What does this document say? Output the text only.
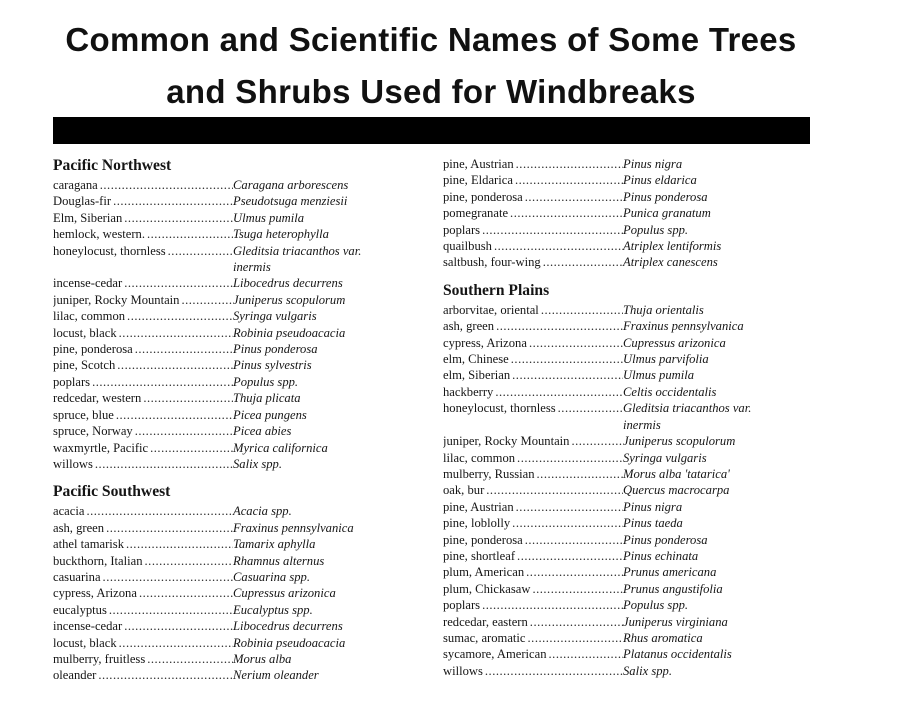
Common and Scientific Names of Some Trees
and Shrubs Used for Windbreaks
Pacific Northwest
caragana .....	Caragana arborescens
Douglas-fir .....	Pseudotsuga menziesii
Elm, Siberian .....	Ulmus pumila
hemlock, western. .....	Tsuga heterophylla
honeylocust, thornless .....	Gleditsia triacanthos var. inermis
incense-cedar .....	Libocedrus decurrens
juniper, Rocky Mountain .....	Juniperus scopulorum
lilac, common .....	Syringa vulgaris
locust, black .....	Robinia pseudoacacia
pine, ponderosa .....	Pinus ponderosa
pine, Scotch .....	Pinus sylvestris
poplars .....	Populus spp.
redcedar, western .....	Thuja plicata
spruce, blue .....	Picea pungens
spruce, Norway .....	Picea abies
waxmyrtle, Pacific .....	Myrica californica
willows .....	Salix spp.
Pacific Southwest
acacia .....	Acacia spp.
ash, green .....	Fraxinus pennsylvanica
athel tamarisk .....	Tamarix aphylla
buckthorn, Italian .....	Rhamnus alternus
casuarina .....	Casuarina spp.
cypress, Arizona .....	Cupressus arizonica
eucalyptus .....	Eucalyptus spp.
incense-cedar .....	Libocedrus decurrens
locust, black .....	Robinia pseudoacacia
mulberry, fruitless .....	Morus alba
oleander .....	Nerium oleander
pine, Austrian .....	Pinus nigra
pine, Eldarica .....	Pinus eldarica
pine, ponderosa .....	Pinus ponderosa
pomegranate .....	Punica granatum
poplars .....	Populus spp.
quailbush .....	Atriplex lentiformis
saltbush, four-wing .....	Atriplex canescens
Southern Plains
arborvitae, oriental .....	Thuja orientalis
ash, green .....	Fraxinus pennsylvanica
cypress, Arizona .....	Cupressus arizonica
elm, Chinese .....	Ulmus parvifolia
elm, Siberian .....	Ulmus pumila
hackberry .....	Celtis occidentalis
honeylocust, thornless .....	Gleditsia triacanthos var. inermis
juniper, Rocky Mountain .....	Juniperus scopulorum
lilac, common .....	Syringa vulgaris
mulberry, Russian .....	Morus alba 'tatarica'
oak, bur .....	Quercus macrocarpa
pine, Austrian .....	Pinus nigra
pine, loblolly .....	Pinus taeda
pine, ponderosa .....	Pinus ponderosa
pine, shortleaf .....	Pinus echinata
plum, American .....	Prunus americana
plum, Chickasaw .....	Prunus angustifolia
poplars .....	Populus spp.
redcedar, eastern .....	Juniperus virginiana
sumac, aromatic .....	Rhus aromatica
sycamore, American .....	Platanus occidentalis
willows .....	Salix spp.
